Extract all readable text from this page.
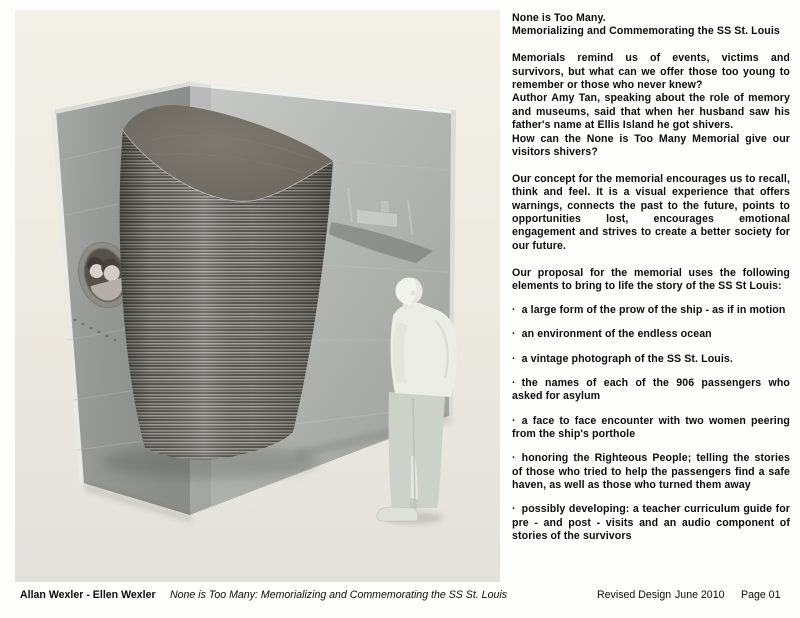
None is Too Many.

Memorializing and Commemorating the SS St. Louis

Memorials remind us of events, victims and survivors, but what can we offer those too young to remember or those who never knew?

Author Amy Tan, speaking about the role of memory and museums, said that when her husband saw his father's name at Ellis Island he got shivers.

How can the None is Too Many Memorial give our visitors shivers?

Our concept for the memorial encourages us to recall, think and feel. It is a visual experience that offers warnings, connects the past to the future, points to opportunities lost, encourages emotional engagement and strives to create a better society for our future.

Our proposal for the memorial uses the following elements to bring to life the story of the SS St Louis:

· a large form of the prow of the ship - as if in motion

· an environment of the endless ocean

· a vintage photograph of the SS St. Louis.

· the names of each of the 906 passengers who asked for asylum

· a face to face encounter with two women peering from the ship's porthole

· honoring the Righteous People; telling the stories of those who tried to help the passengers find a safe haven, as well as those who turned them away

· possibly developing: a teacher curriculum guide for pre - and post - visits and an audio component of stories of the survivors

Allan Wexler - Ellen Wexler None is Too Many: Memorializing and Commemorating the SS St. Louis	Revised Design June 2010 Page 01
